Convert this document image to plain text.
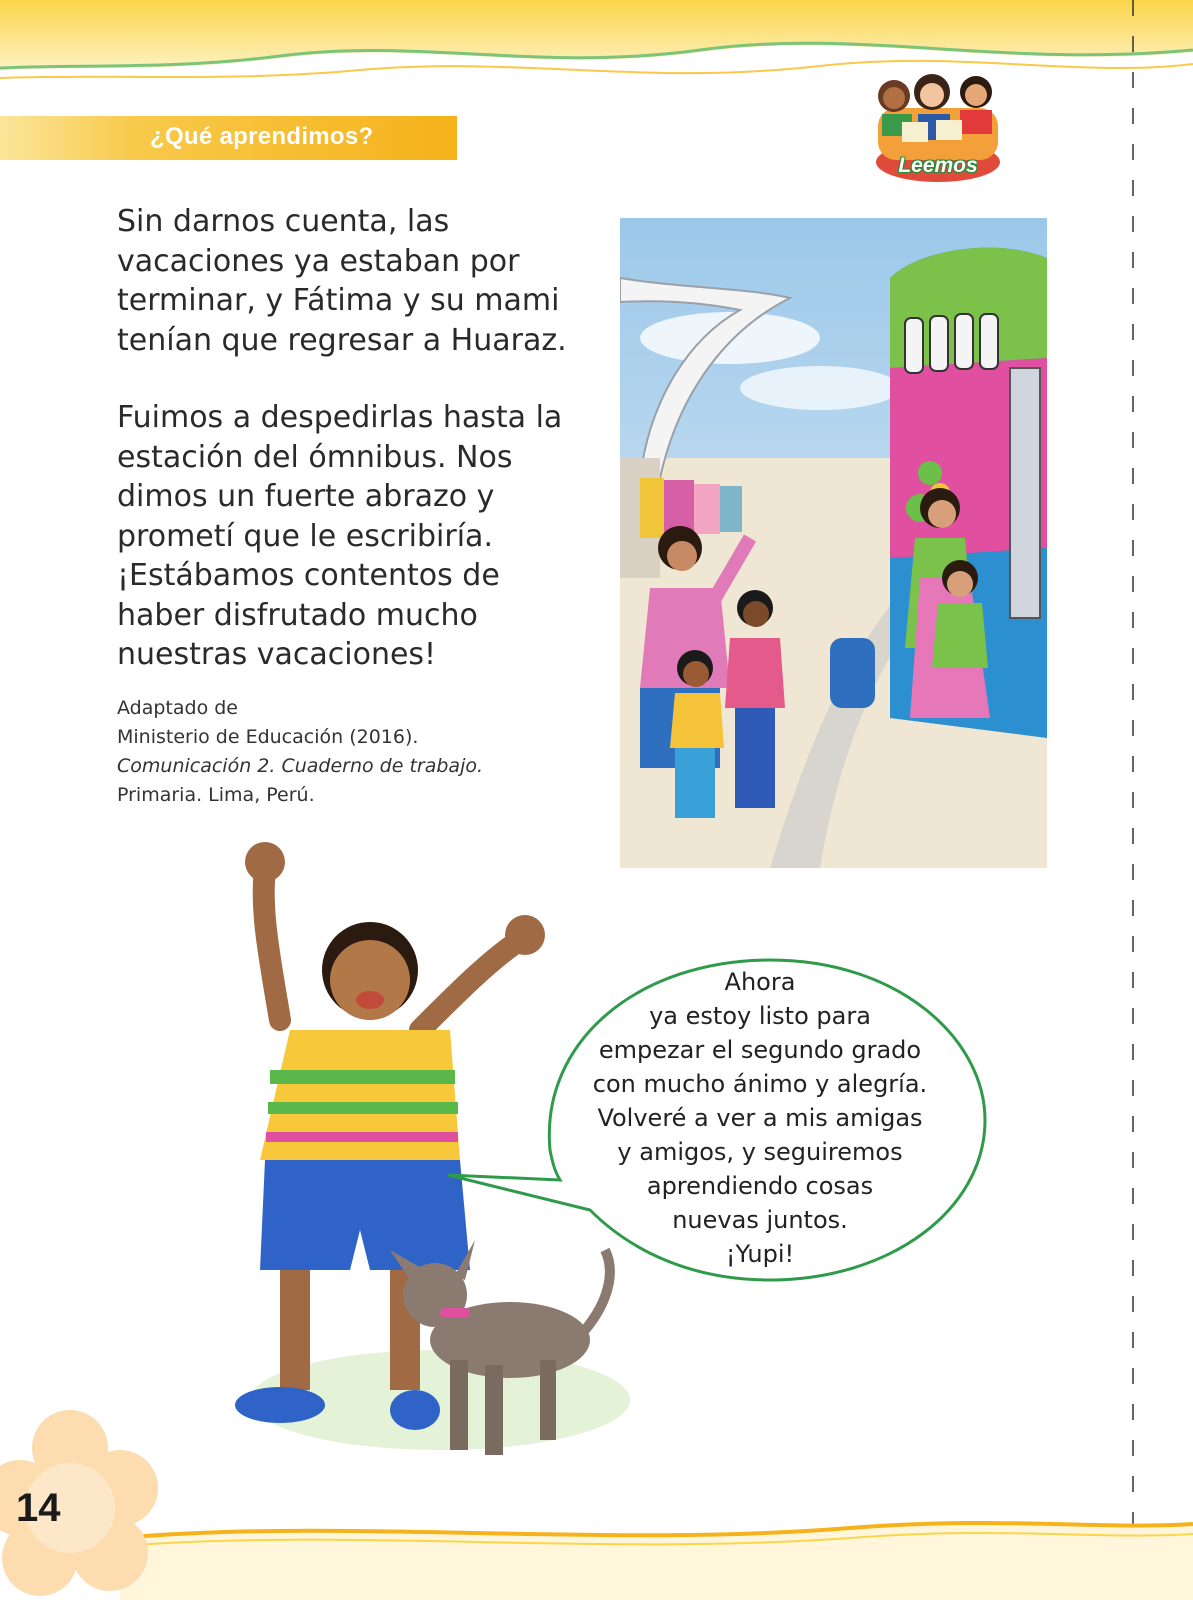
¿Qué aprendimos?
Leemos

Sin darnos cuenta, las
vacaciones ya estaban por
terminar, y Fátima y su mami
tenían que regresar a Huaraz.

Fuimos a despedirlas hasta la
estación del ómnibus. Nos
dimos un fuerte abrazo y
prometí que le escribiría.
¡Estábamos contentos de
haber disfrutado mucho
nuestras vacaciones!

Adaptado de
Ministerio de Educación (2016).
Comunicación 2. Cuaderno de trabajo.
Primaria. Lima, Perú.
Ahora
ya estoy listo para
empezar el segundo grado
con mucho ánimo y alegría.
Volveré a ver a mis amigas
y amigos, y seguiremos
aprendiendo cosas
nuevas juntos.
¡Yupi!
14
